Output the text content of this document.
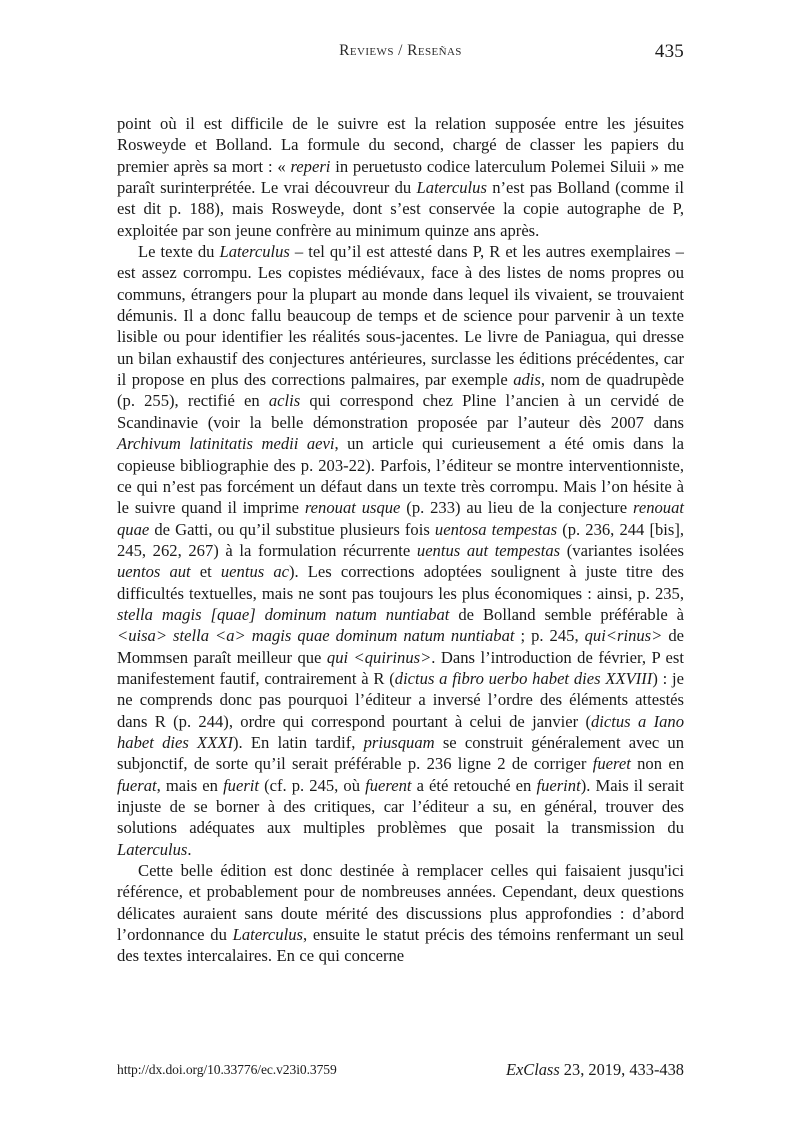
Reviews / Reseñas	435

point où il est difficile de le suivre est la relation supposée entre les jésuites Rosweyde et Bolland. La formule du second, chargé de classer les papiers du premier après sa mort : « reperi in peruetusto codice laterculum Polemei Siluii » me paraît surinterprétée. Le vrai découvreur du Laterculus n’est pas Bolland (comme il est dit p. 188), mais Rosweyde, dont s’est conservée la copie autographe de P, exploitée par son jeune confrère au minimum quinze ans après.

Le texte du Laterculus – tel qu’il est attesté dans P, R et les autres exemplaires – est assez corrompu. Les copistes médiévaux, face à des listes de noms propres ou communs, étrangers pour la plupart au monde dans lequel ils vivaient, se trouvaient démunis. Il a donc fallu beaucoup de temps et de science pour parvenir à un texte lisible ou pour identifier les réalités sous-jacentes. Le livre de Paniagua, qui dresse un bilan exhaustif des conjectures antérieures, surclasse les éditions précédentes, car il propose en plus des corrections palmaires, par exemple adis, nom de quadrupède (p. 255), rectifié en aclis qui correspond chez Pline l’ancien à un cervidé de Scandinavie (voir la belle démonstration proposée par l’auteur dès 2007 dans Archivum latinitatis medii aevi, un article qui curieusement a été omis dans la copieuse bibliographie des p. 203-22). Parfois, l’éditeur se montre interventionniste, ce qui n’est pas forcément un défaut dans un texte très corrompu. Mais l’on hésite à le suivre quand il imprime renouat usque (p. 233) au lieu de la conjecture renouat quae de Gatti, ou qu’il substitue plusieurs fois uentosa tempestas (p. 236, 244 [bis], 245, 262, 267) à la formulation récurrente uentus aut tempestas (variantes isolées uentos aut et uentus ac). Les corrections adoptées soulignent à juste titre des difficultés textuelles, mais ne sont pas toujours les plus économiques : ainsi, p. 235, stella magis [quae] dominum natum nuntiabat de Bolland semble préférable à <uisa> stella <a> magis quae dominum natum nuntiabat ; p. 245, qui<rinus> de Mommsen paraît meilleur que qui <quirinus>. Dans l’introduction de février, P est manifestement fautif, contrairement à R (dictus a fibro uerbo habet dies XXVIII) : je ne comprends donc pas pourquoi l’éditeur a inversé l’ordre des éléments attestés dans R (p. 244), ordre qui correspond pourtant à celui de janvier (dictus a Iano habet dies XXXI). En latin tardif, priusquam se construit généralement avec un subjonctif, de sorte qu’il serait préférable p. 236 ligne 2 de corriger fueret non en fuerat, mais en fuerit (cf. p. 245, où fuerent a été retouché en fuerint). Mais il serait injuste de se borner à des critiques, car l’éditeur a su, en général, trouver des solutions adéquates aux multiples problèmes que posait la transmission du Laterculus.

Cette belle édition est donc destinée à remplacer celles qui faisaient jusqu'ici référence, et probablement pour de nombreuses années. Cependant, deux questions délicates auraient sans doute mérité des discussions plus approfondies : d’abord l’ordonnance du Laterculus, ensuite le statut précis des témoins renfermant un seul des textes intercalaires. En ce qui concerne

http://dx.doi.org/10.33776/ec.v23i0.3759	ExClass 23, 2019, 433-438
